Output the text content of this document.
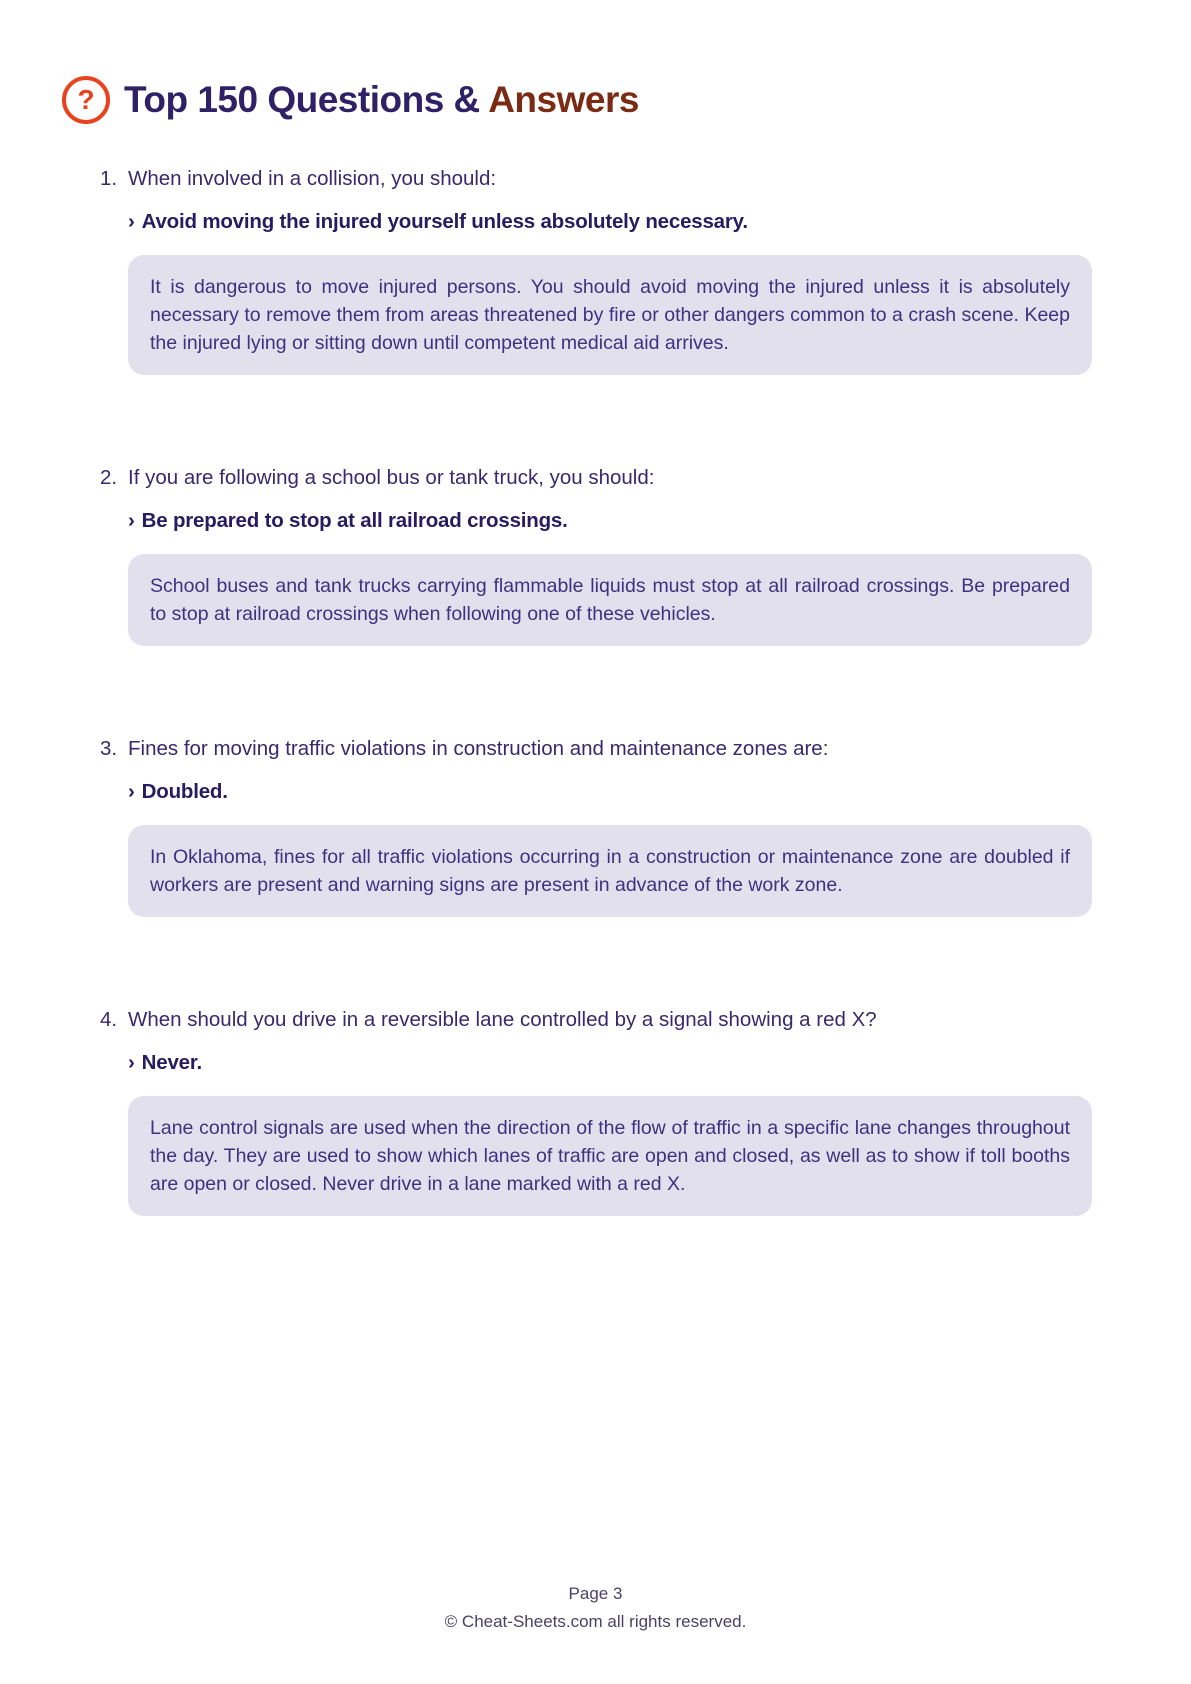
? Top 150 Questions & Answers
1. When involved in a collision, you should:
› Avoid moving the injured yourself unless absolutely necessary.
It is dangerous to move injured persons. You should avoid moving the injured unless it is absolutely necessary to remove them from areas threatened by fire or other dangers common to a crash scene. Keep the injured lying or sitting down until competent medical aid arrives.
2. If you are following a school bus or tank truck, you should:
› Be prepared to stop at all railroad crossings.
School buses and tank trucks carrying flammable liquids must stop at all railroad crossings. Be prepared to stop at railroad crossings when following one of these vehicles.
3. Fines for moving traffic violations in construction and maintenance zones are:
› Doubled.
In Oklahoma, fines for all traffic violations occurring in a construction or maintenance zone are doubled if workers are present and warning signs are present in advance of the work zone.
4. When should you drive in a reversible lane controlled by a signal showing a red X?
› Never.
Lane control signals are used when the direction of the flow of traffic in a specific lane changes throughout the day. They are used to show which lanes of traffic are open and closed, as well as to show if toll booths are open or closed. Never drive in a lane marked with a red X.
Page 3
© Cheat-Sheets.com all rights reserved.
